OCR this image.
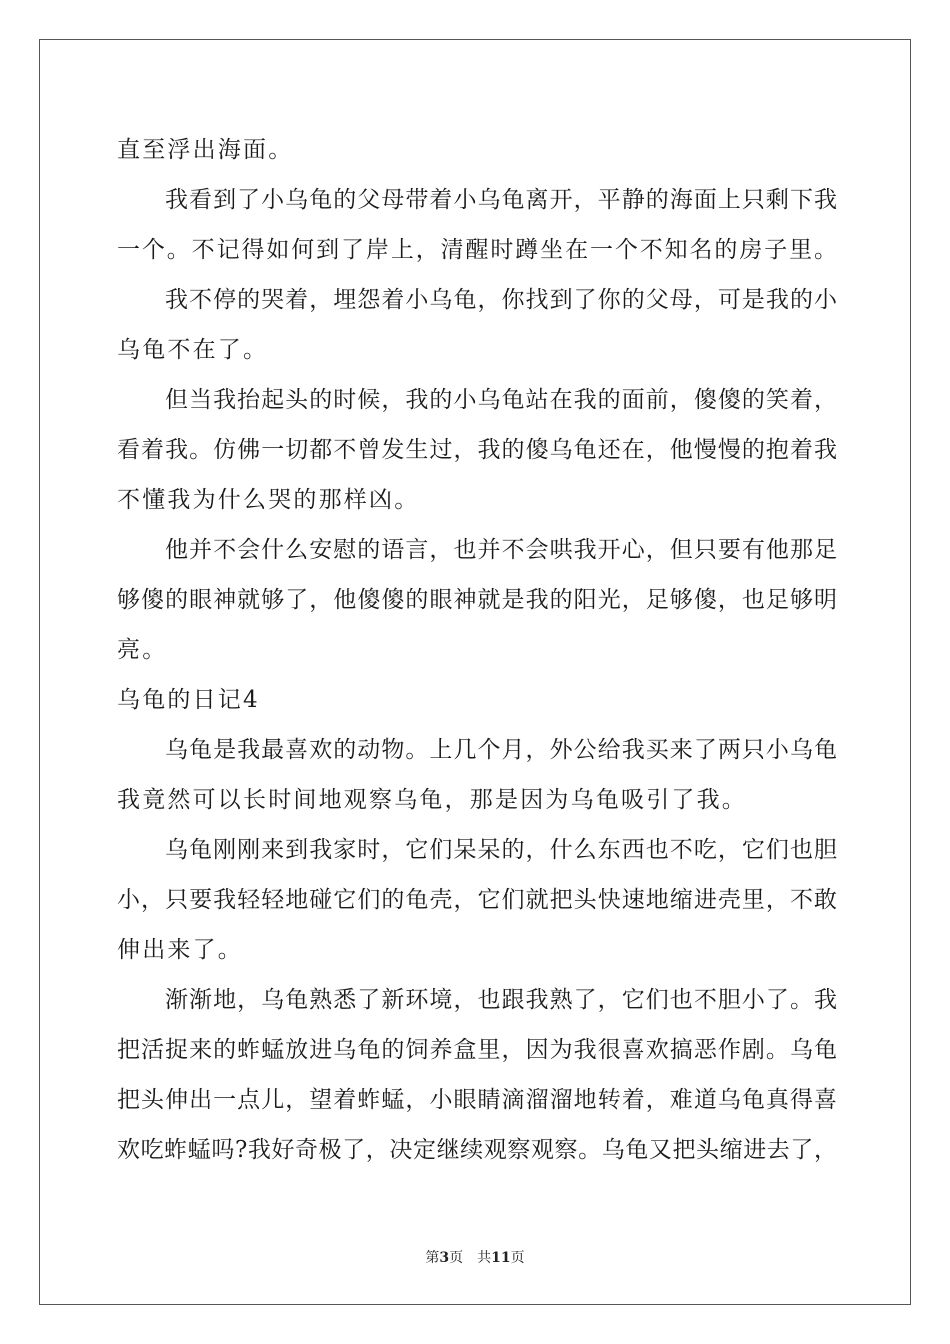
直至浮出海面。
我看到了小乌龟的父母带着小乌龟离开，平静的海面上只剩下我
一个。不记得如何到了岸上，清醒时蹲坐在一个不知名的房子里。
我不停的哭着，埋怨着小乌龟，你找到了你的父母，可是我的小
乌龟不在了。
但当我抬起头的时候，我的小乌龟站在我的面前，傻傻的笑着，
看着我。仿佛一切都不曾发生过，我的傻乌龟还在，他慢慢的抱着我
不懂我为什么哭的那样凶。
他并不会什么安慰的语言，也并不会哄我开心，但只要有他那足
够傻的眼神就够了，他傻傻的眼神就是我的阳光，足够傻，也足够明
亮。
乌龟的日记4
乌龟是我最喜欢的动物。上几个月，外公给我买来了两只小乌龟
我竟然可以长时间地观察乌龟，那是因为乌龟吸引了我。
乌龟刚刚来到我家时，它们呆呆的，什么东西也不吃，它们也胆
小，只要我轻轻地碰它们的龟壳，它们就把头快速地缩进壳里，不敢
伸出来了。
渐渐地，乌龟熟悉了新环境，也跟我熟了，它们也不胆小了。我
把活捉来的蚱蜢放进乌龟的饲养盒里，因为我很喜欢搞恶作剧。乌龟
把头伸出一点儿，望着蚱蜢，小眼睛滴溜溜地转着，难道乌龟真得喜
欢吃蚱蜢吗?我好奇极了，决定继续观察观察。乌龟又把头缩进去了，
第3页 共11页
